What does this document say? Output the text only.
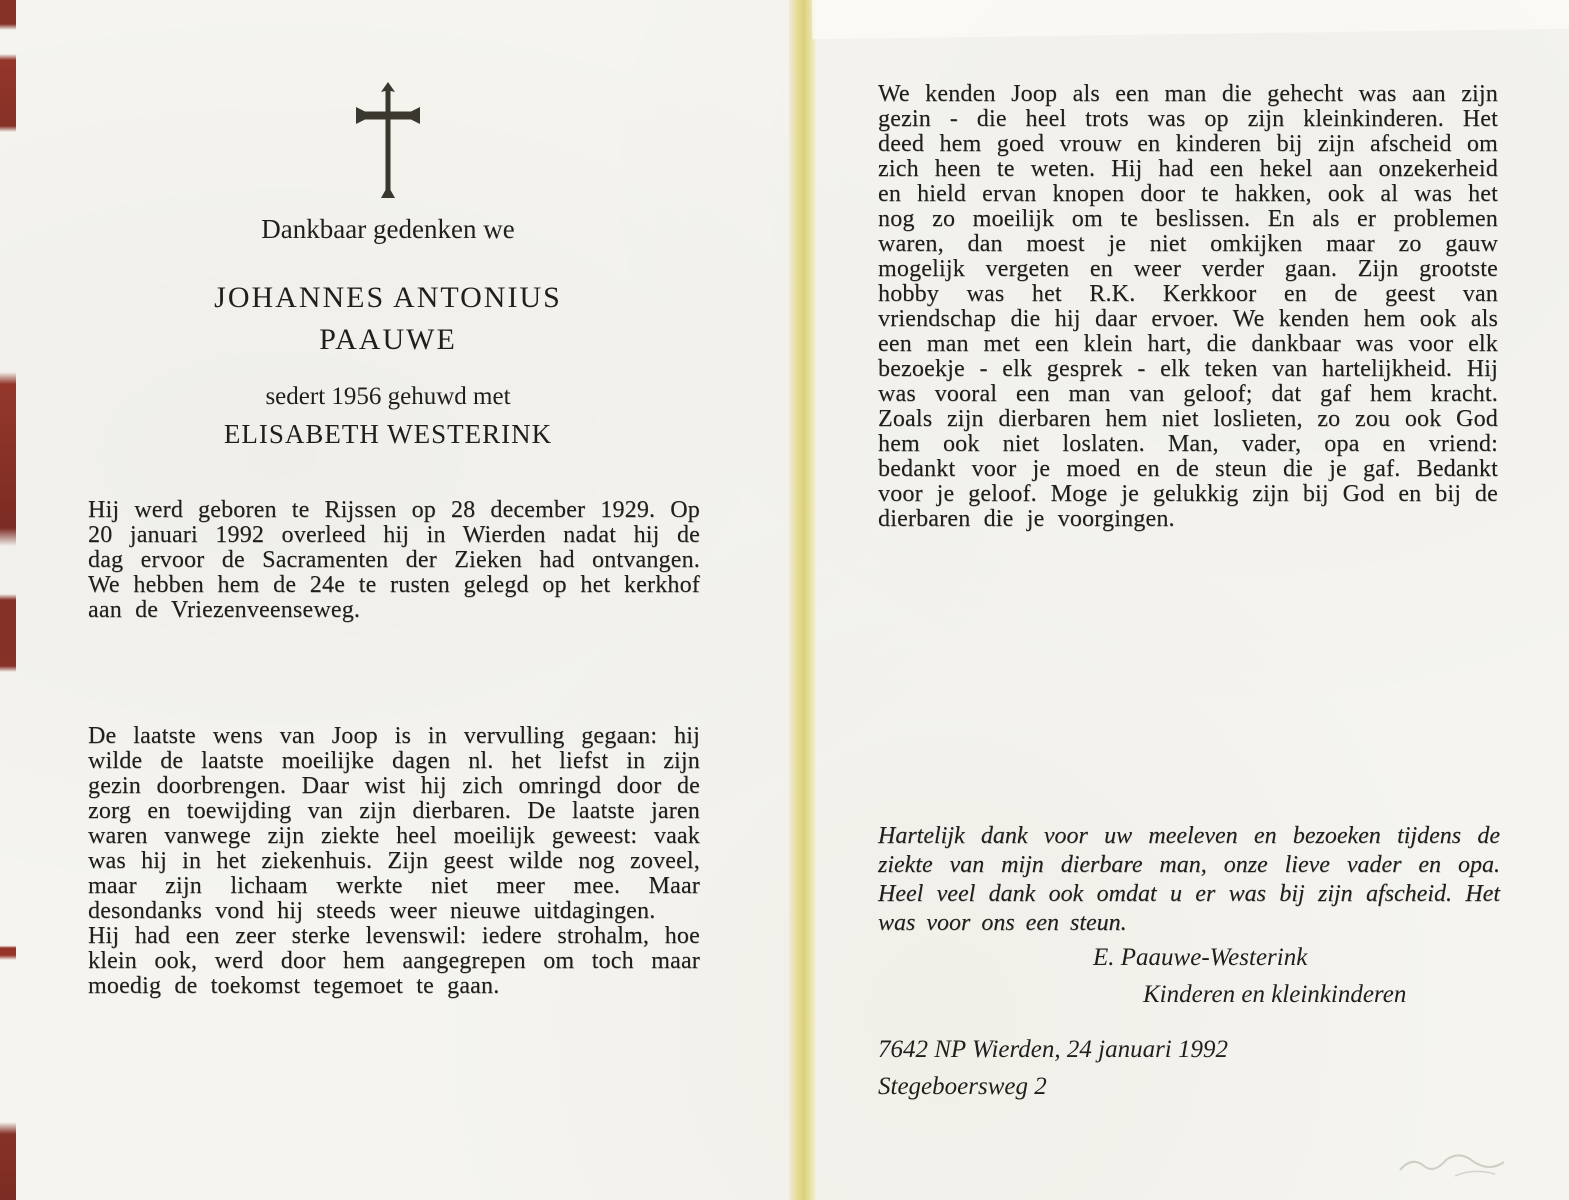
Dankbaar gedenken we
JOHANNES ANTONIUS
PAAUWE
sedert 1956 gehuwd met
ELISABETH WESTERINK

Hij werd geboren te Rijssen op 28 december 1929. Op 20 januari 1992 overleed hij in Wierden nadat hij de dag ervoor de Sacramenten der Zieken had ontvangen. We hebben hem de 24e te rusten gelegd op het kerkhof aan de Vriezenveenseweg.

De laatste wens van Joop is in vervulling gegaan: hij wilde de laatste moeilijke dagen nl. het liefst in zijn gezin doorbrengen. Daar wist hij zich omringd door de zorg en toewijding van zijn dierbaren. De laatste jaren waren vanwege zijn ziekte heel moeilijk geweest: vaak was hij in het ziekenhuis. Zijn geest wilde nog zoveel, maar zijn lichaam werkte niet meer mee. Maar desondanks vond hij steeds weer nieuwe uitdagingen.

Hij had een zeer sterke levenswil: iedere strohalm, hoe klein ook, werd door hem aangegrepen om toch maar moedig de toekomst tegemoet te gaan.

We kenden Joop als een man die gehecht was aan zijn gezin - die heel trots was op zijn kleinkinderen. Het deed hem goed vrouw en kinderen bij zijn afscheid om zich heen te weten. Hij had een hekel aan onzekerheid en hield ervan knopen door te hakken, ook al was het nog zo moeilijk om te beslissen. En als er problemen waren, dan moest je niet omkijken maar zo gauw mogelijk vergeten en weer verder gaan. Zijn grootste hobby was het R.K. Kerkkoor en de geest van vriendschap die hij daar ervoer. We kenden hem ook als een man met een klein hart, die dankbaar was voor elk bezoekje - elk gesprek - elk teken van hartelijkheid. Hij was vooral een man van geloof; dat gaf hem kracht. Zoals zijn dierbaren hem niet loslieten, zo zou ook God hem ook niet loslaten. Man, vader, opa en vriend: bedankt voor je moed en de steun die je gaf. Bedankt voor je geloof. Moge je gelukkig zijn bij God en bij de dierbaren die je voorgingen.

Hartelijk dank voor uw meeleven en bezoeken tijdens de ziekte van mijn dierbare man, onze lieve vader en opa. Heel veel dank ook omdat u er was bij zijn afscheid. Het was voor ons een steun.

E. Paauwe-Westerink
Kinderen en kleinkinderen
7642 NP Wierden, 24 januari 1992
Stegeboersweg 2
